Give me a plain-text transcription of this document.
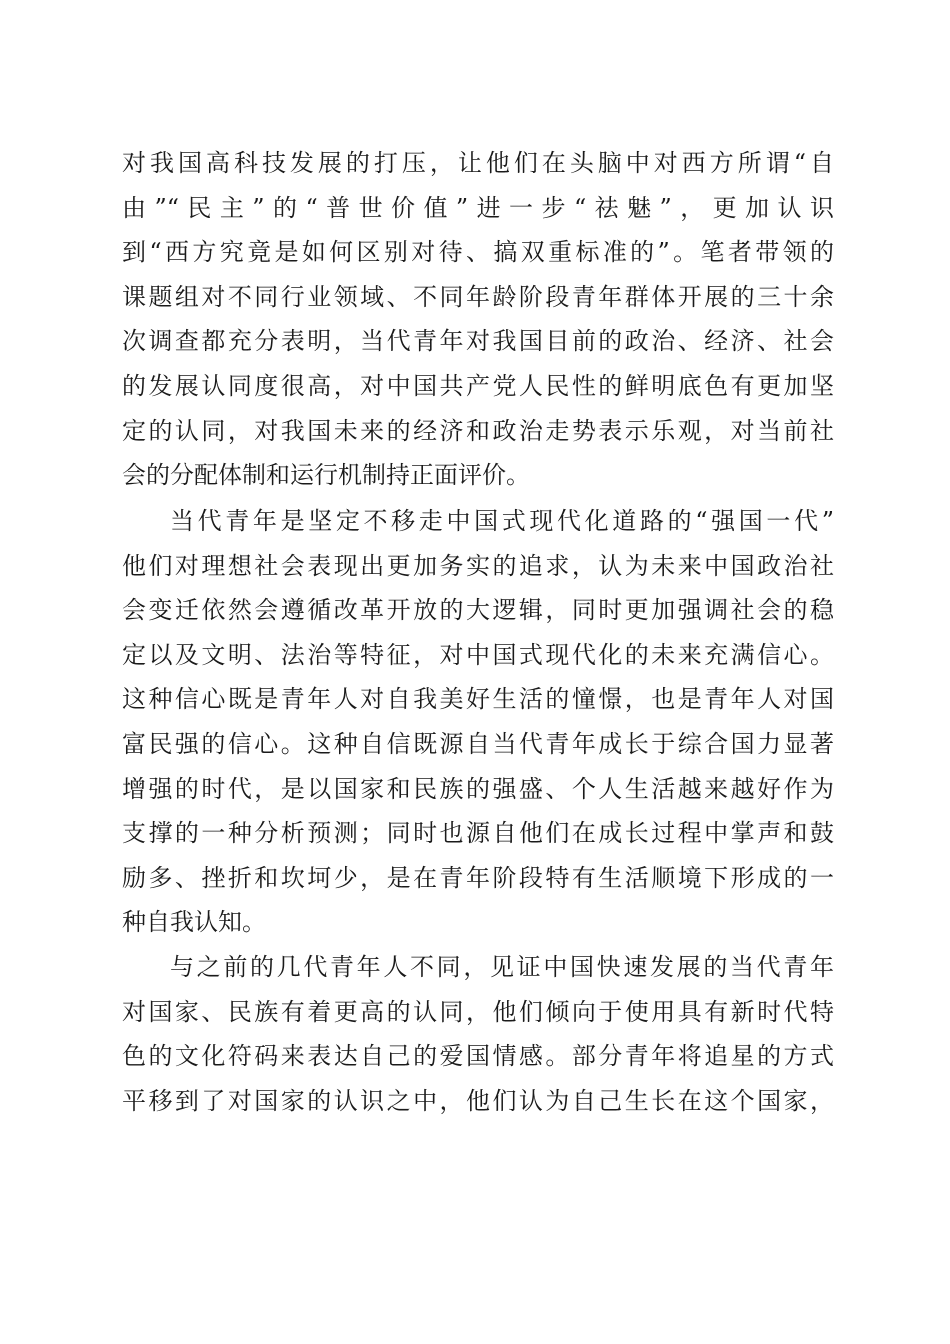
对我国高科技发展的打压，让他们在头脑中对西方所谓“自
由”“民主”的“普世价值”进一步“祛魅”，更加认识
到“西方究竟是如何区别对待、搞双重标准的”。笔者带领的
课题组对不同行业领域、不同年龄阶段青年群体开展的三十余
次调查都充分表明，当代青年对我国目前的政治、经济、社会
的发展认同度很高，对中国共产党人民性的鲜明底色有更加坚
定的认同，对我国未来的经济和政治走势表示乐观，对当前社
会的分配体制和运行机制持正面评价。
当代青年是坚定不移走中国式现代化道路的“强国一代”
他们对理想社会表现出更加务实的追求，认为未来中国政治社
会变迁依然会遵循改革开放的大逻辑，同时更加强调社会的稳
定以及文明、法治等特征，对中国式现代化的未来充满信心。
这种信心既是青年人对自我美好生活的憧憬，也是青年人对国
富民强的信心。这种自信既源自当代青年成长于综合国力显著
增强的时代，是以国家和民族的强盛、个人生活越来越好作为
支撑的一种分析预测；同时也源自他们在成长过程中掌声和鼓
励多、挫折和坎坷少，是在青年阶段特有生活顺境下形成的一
种自我认知。
与之前的几代青年人不同，见证中国快速发展的当代青年
对国家、民族有着更高的认同，他们倾向于使用具有新时代特
色的文化符码来表达自己的爱国情感。部分青年将追星的方式
平移到了对国家的认识之中，他们认为自己生长在这个国家，
